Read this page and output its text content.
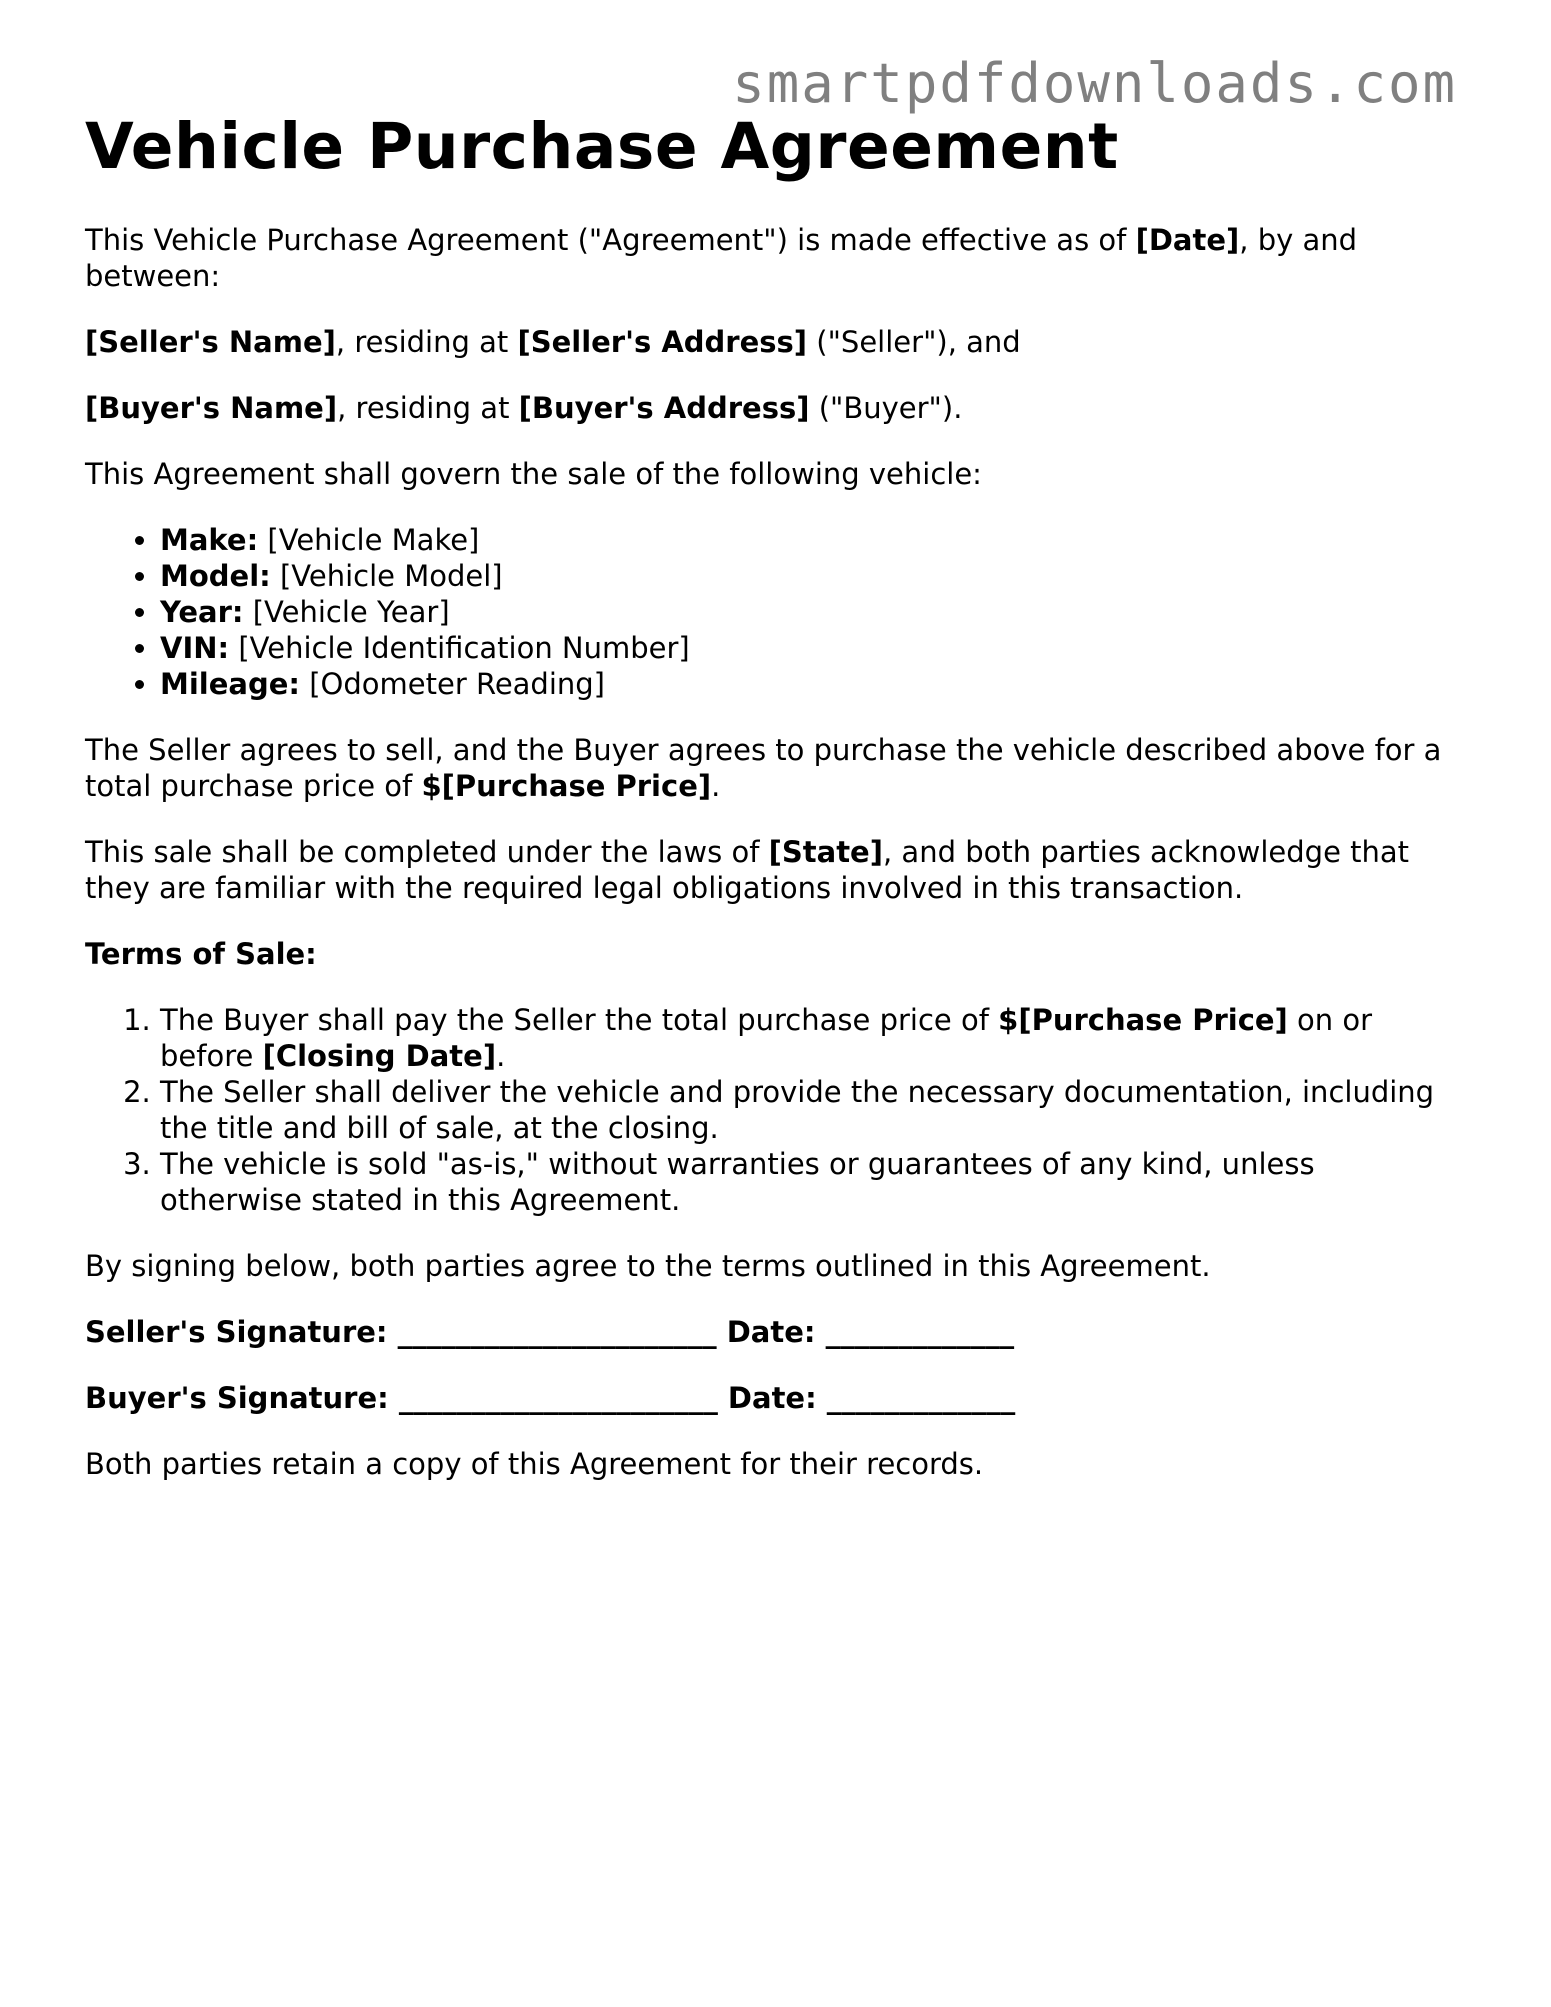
smartpdfdownloads.com
Vehicle Purchase Agreement

This Vehicle Purchase Agreement ("Agreement") is made effective as of [Date], by and between:

[Seller's Name], residing at [Seller's Address] ("Seller"), and

[Buyer's Name], residing at [Buyer's Address] ("Buyer").

This Agreement shall govern the sale of the following vehicle:

• Make: [Vehicle Make]
• Model: [Vehicle Model]
• Year: [Vehicle Year]
• VIN: [Vehicle Identification Number]
• Mileage: [Odometer Reading]

The Seller agrees to sell, and the Buyer agrees to purchase the vehicle described above for a total purchase price of $[Purchase Price].

This sale shall be completed under the laws of [State], and both parties acknowledge that they are familiar with the required legal obligations involved in this transaction.

Terms of Sale:

1. The Buyer shall pay the Seller the total purchase price of $[Purchase Price] on or before [Closing Date].
2. The Seller shall deliver the vehicle and provide the necessary documentation, including the title and bill of sale, at the closing.
3. The vehicle is sold "as-is," without warranties or guarantees of any kind, unless otherwise stated in this Agreement.

By signing below, both parties agree to the terms outlined in this Agreement.

Seller's Signature: ______________________ Date: _____________

Buyer's Signature: ______________________ Date: _____________

Both parties retain a copy of this Agreement for their records.
